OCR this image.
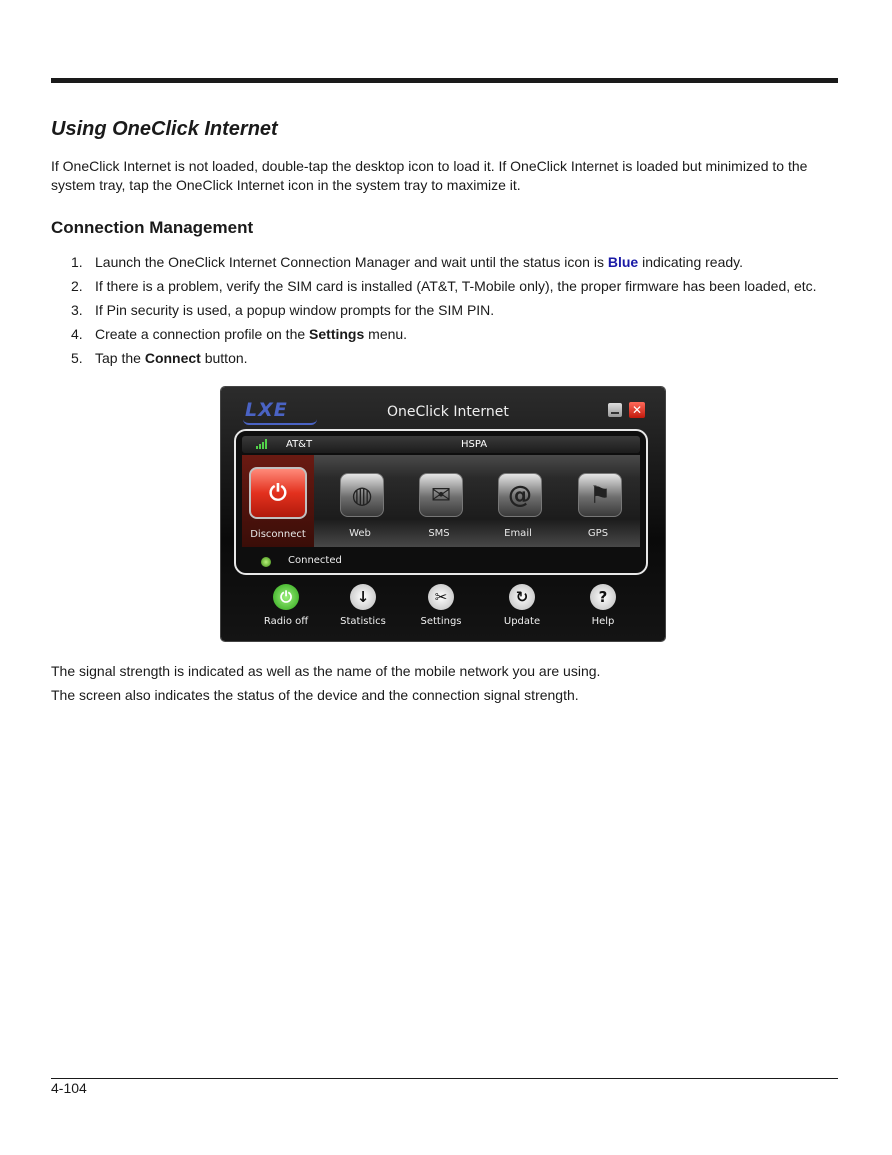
Using OneClick Internet

If OneClick Internet is not loaded, double-tap the desktop icon to load it. If OneClick Internet is loaded but minimized to the system tray, tap the OneClick Internet icon in the system tray to maximize it.

Connection Management
1. Launch the OneClick Internet Connection Manager and wait until the status icon is Blue indicating ready.
2. If there is a problem, verify the SIM card is installed (AT&T, T-Mobile only), the proper firmware has been loaded, etc.
3. If Pin security is used, a popup window prompts for the SIM PIN.
4. Create a connection profile on the Settings menu.
5. Tap the Connect button.
LXE	OneClick Internet	✕
AT&T	HSPA
⏻
Disconnect
◍
Web
✉
SMS
@
Email
⚑
GPS
Connected
⏻
Radio off
↓
Statistics
✂
Settings
↻
Update
?
Help

The signal strength is indicated as well as the name of the mobile network you are using.

The screen also indicates the status of the device and the connection signal strength.

4-104
